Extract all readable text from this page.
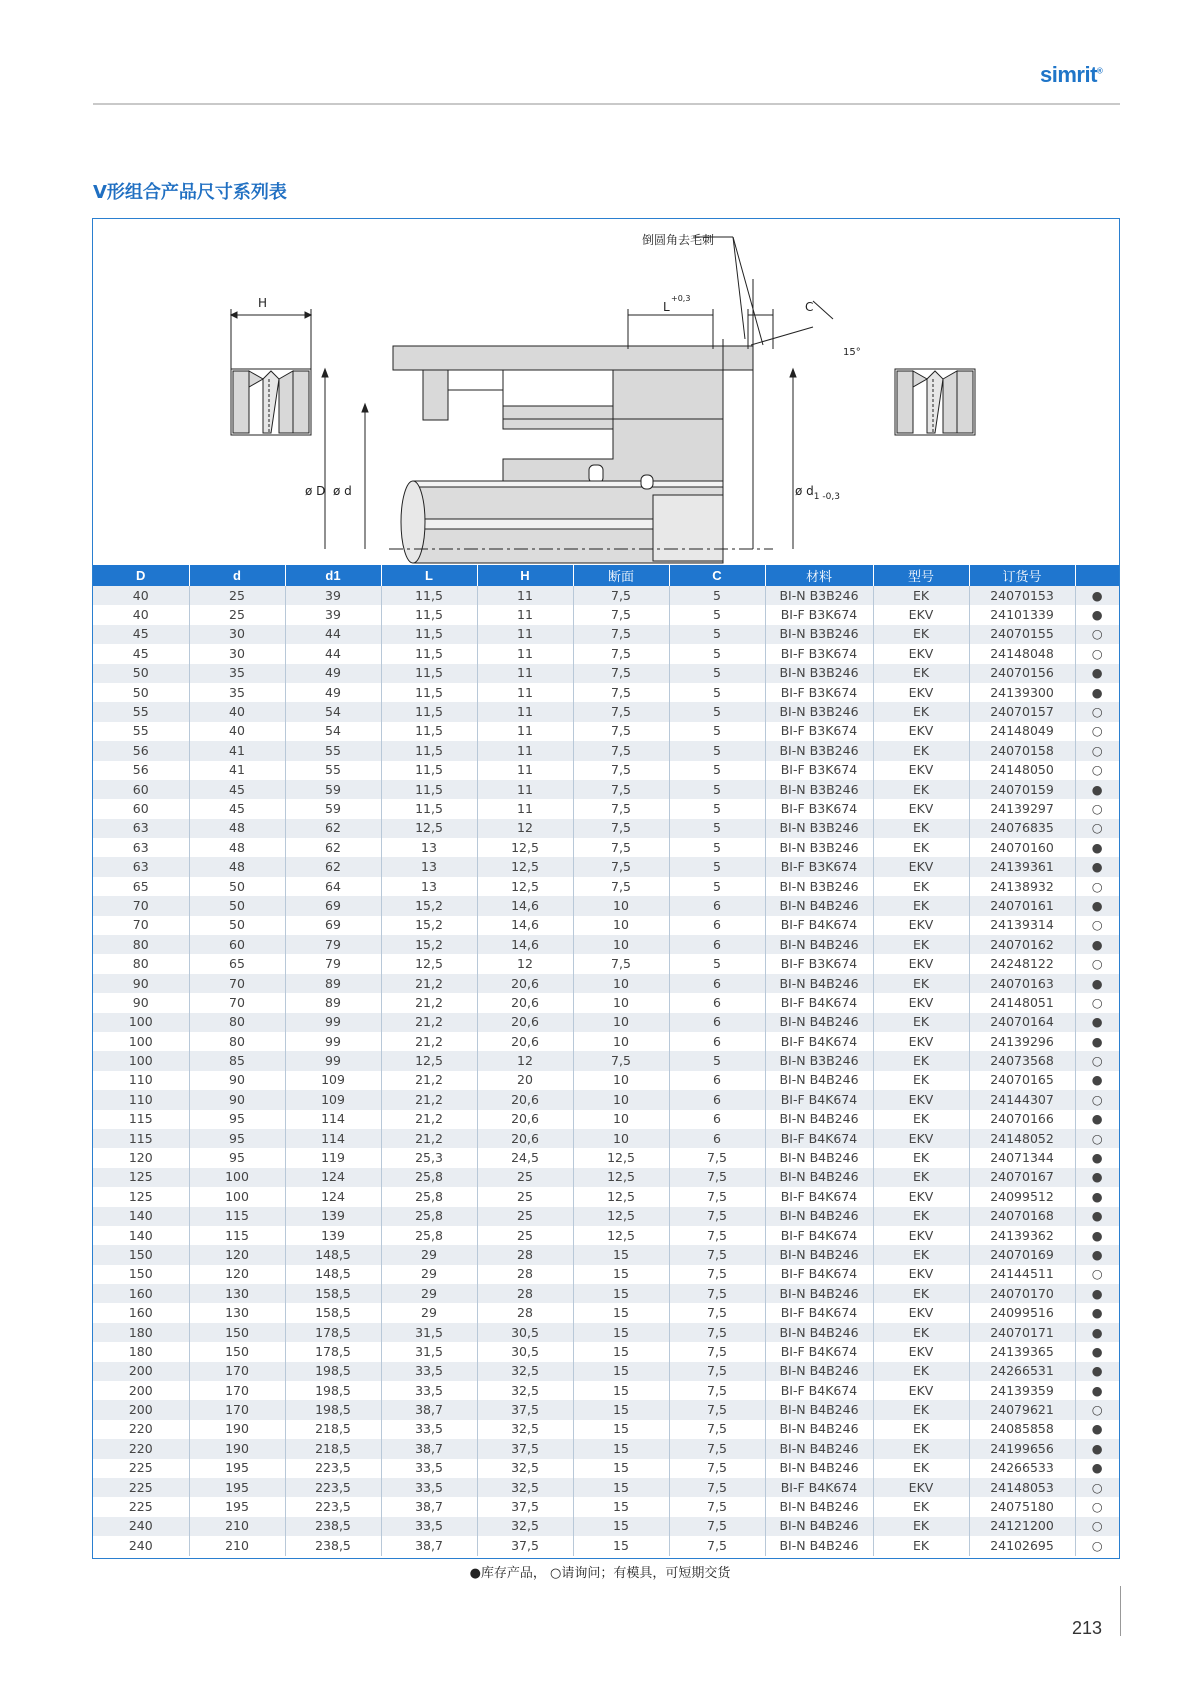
simrit®
V形组合产品尺寸系列表
倒圆角去毛刺
H	L
+0,3
C
15°
ø D ø d	ø $d_{1 -0,3}$
D	d	d1	L	H	断面	C	材料	型号	订货号	
40	25	39	11,5	11	7,5	5	BI-N B3B246	EK	24070153	●
40	25	39	11,5	11	7,5	5	BI-F B3K674	EKV	24101339	●
45	30	44	11,5	11	7,5	5	BI-N B3B246	EK	24070155	○
45	30	44	11,5	11	7,5	5	BI-F B3K674	EKV	24148048	○
50	35	49	11,5	11	7,5	5	BI-N B3B246	EK	24070156	●
50	35	49	11,5	11	7,5	5	BI-F B3K674	EKV	24139300	●
55	40	54	11,5	11	7,5	5	BI-N B3B246	EK	24070157	○
55	40	54	11,5	11	7,5	5	BI-F B3K674	EKV	24148049	○
56	41	55	11,5	11	7,5	5	BI-N B3B246	EK	24070158	○
56	41	55	11,5	11	7,5	5	BI-F B3K674	EKV	24148050	○
60	45	59	11,5	11	7,5	5	BI-N B3B246	EK	24070159	●
60	45	59	11,5	11	7,5	5	BI-F B3K674	EKV	24139297	○
63	48	62	12,5	12	7,5	5	BI-N B3B246	EK	24076835	○
63	48	62	13	12,5	7,5	5	BI-N B3B246	EK	24070160	●
63	48	62	13	12,5	7,5	5	BI-F B3K674	EKV	24139361	●
65	50	64	13	12,5	7,5	5	BI-N B3B246	EK	24138932	○
70	50	69	15,2	14,6	10	6	BI-N B4B246	EK	24070161	●
70	50	69	15,2	14,6	10	6	BI-F B4K674	EKV	24139314	○
80	60	79	15,2	14,6	10	6	BI-N B4B246	EK	24070162	●
80	65	79	12,5	12	7,5	5	BI-F B3K674	EKV	24248122	○
90	70	89	21,2	20,6	10	6	BI-N B4B246	EK	24070163	●
90	70	89	21,2	20,6	10	6	BI-F B4K674	EKV	24148051	○
100	80	99	21,2	20,6	10	6	BI-N B4B246	EK	24070164	●
100	80	99	21,2	20,6	10	6	BI-F B4K674	EKV	24139296	●
100	85	99	12,5	12	7,5	5	BI-N B3B246	EK	24073568	○
110	90	109	21,2	20	10	6	BI-N B4B246	EK	24070165	●
110	90	109	21,2	20,6	10	6	BI-F B4K674	EKV	24144307	○
115	95	114	21,2	20,6	10	6	BI-N B4B246	EK	24070166	●
115	95	114	21,2	20,6	10	6	BI-F B4K674	EKV	24148052	○
120	95	119	25,3	24,5	12,5	7,5	BI-N B4B246	EK	24071344	●
125	100	124	25,8	25	12,5	7,5	BI-N B4B246	EK	24070167	●
125	100	124	25,8	25	12,5	7,5	BI-F B4K674	EKV	24099512	●
140	115	139	25,8	25	12,5	7,5	BI-N B4B246	EK	24070168	●
140	115	139	25,8	25	12,5	7,5	BI-F B4K674	EKV	24139362	●
150	120	148,5	29	28	15	7,5	BI-N B4B246	EK	24070169	●
150	120	148,5	29	28	15	7,5	BI-F B4K674	EKV	24144511	○
160	130	158,5	29	28	15	7,5	BI-N B4B246	EK	24070170	●
160	130	158,5	29	28	15	7,5	BI-F B4K674	EKV	24099516	●
180	150	178,5	31,5	30,5	15	7,5	BI-N B4B246	EK	24070171	●
180	150	178,5	31,5	30,5	15	7,5	BI-F B4K674	EKV	24139365	●
200	170	198,5	33,5	32,5	15	7,5	BI-N B4B246	EK	24266531	●
200	170	198,5	33,5	32,5	15	7,5	BI-F B4K674	EKV	24139359	●
200	170	198,5	38,7	37,5	15	7,5	BI-N B4B246	EK	24079621	○
220	190	218,5	33,5	32,5	15	7,5	BI-N B4B246	EK	24085858	●
220	190	218,5	38,7	37,5	15	7,5	BI-N B4B246	EK	24199656	●
225	195	223,5	33,5	32,5	15	7,5	BI-N B4B246	EK	24266533	●
225	195	223,5	33,5	32,5	15	7,5	BI-F B4K674	EKV	24148053	○
225	195	223,5	38,7	37,5	15	7,5	BI-N B4B246	EK	24075180	○
240	210	238,5	33,5	32,5	15	7,5	BI-N B4B246	EK	24121200	○
240	210	238,5	38,7	37,5	15	7,5	BI-N B4B246	EK	24102695	○
●库存产品， ○请询问；有模具，可短期交货
213
